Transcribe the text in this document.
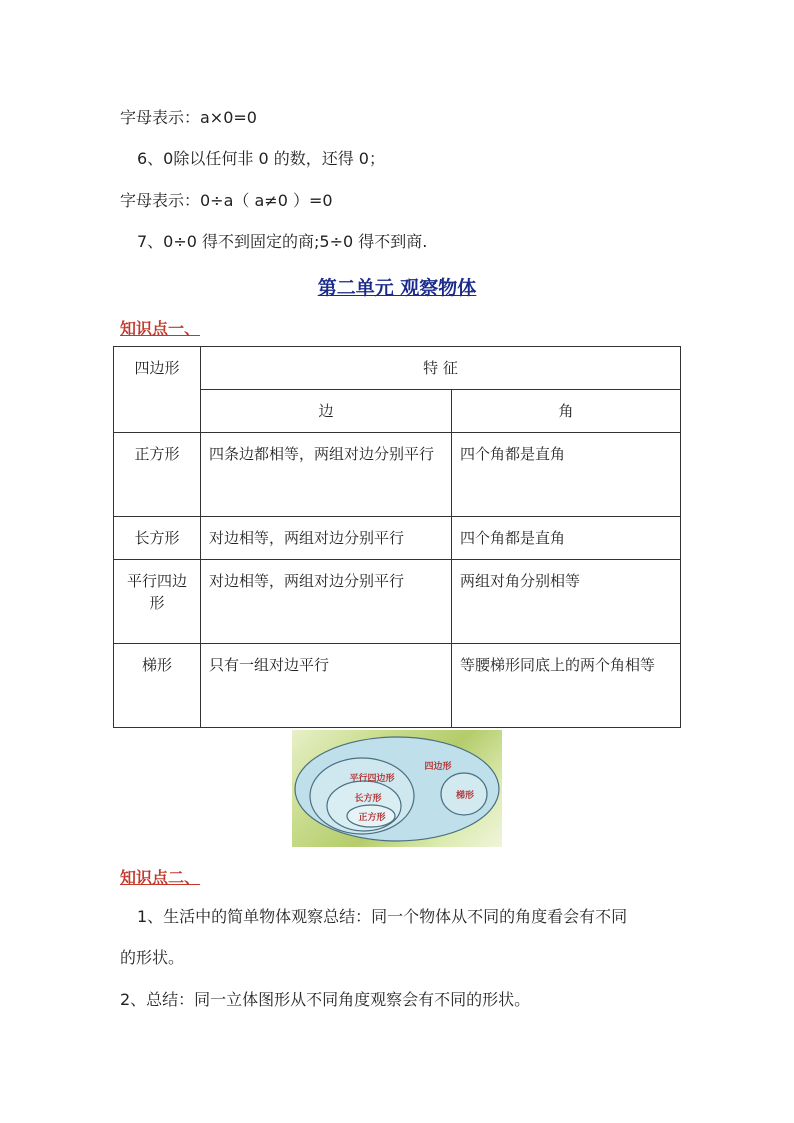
字母表示：a×0=0
6、0除以任何非 0 的数，还得 0；
字母表示：0÷a（ a≠0 ）=0
7、0÷0 得不到固定的商;5÷0 得不到商.
第二单元 观察物体
知识点一、
四边形	特 征	
	边	角
正方形	四条边都相等，两组对边分别平行	四个角都是直角
长方形	对边相等，两组对边分别平行	四个角都是直角
平行四边形	对边相等，两组对边分别平行	两组对角分别相等
梯形	只有一组对边平行	等腰梯形同底上的两个角相等
四边形
平行四边形
长方形
正方形
梯形
知识点二、
1、生活中的简单物体观察总结：同一个物体从不同的角度看会有不同
的形状。
2、总结：同一立体图形从不同角度观察会有不同的形状。
